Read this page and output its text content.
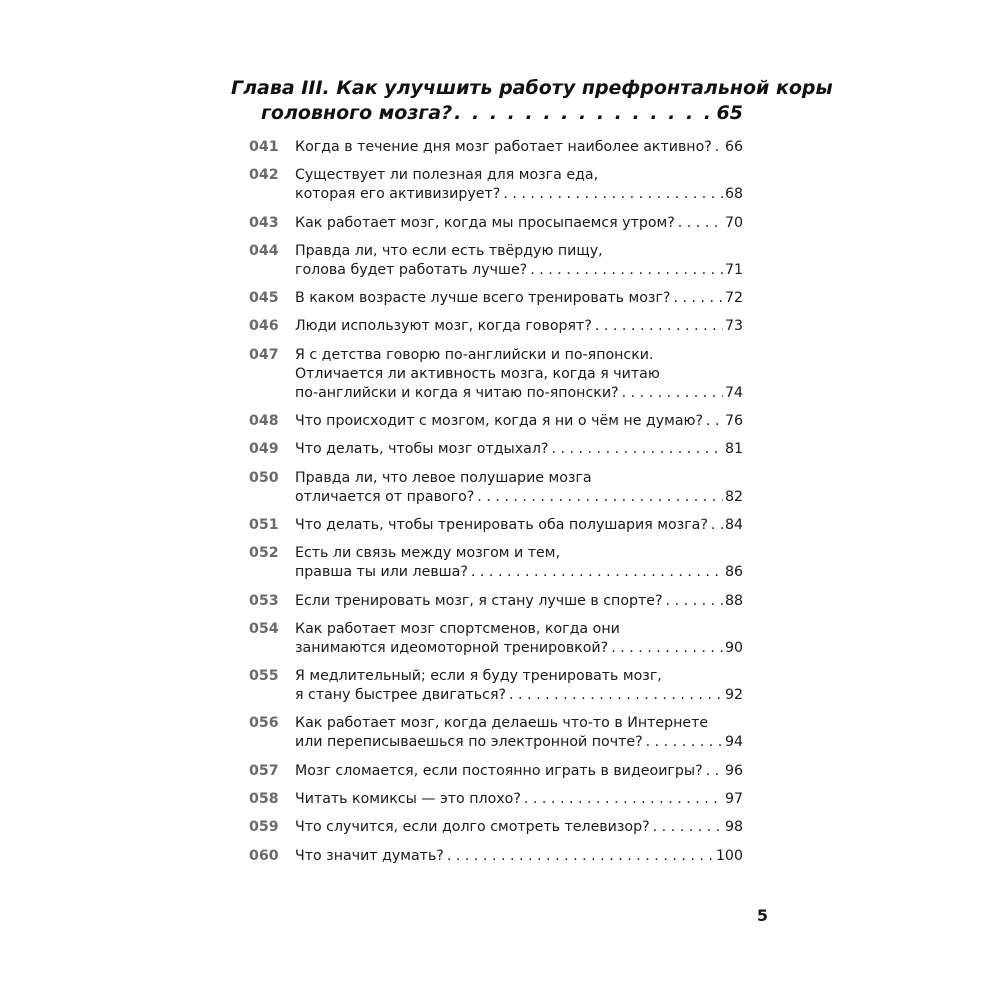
Глава III. Как улучшить работу префронтальной коры
головного мозга? . . .	65
041	Когда в течение дня мозг работает наиболее активно? . . . 66
042	Существует ли полезная для мозга еда,
которая его активизирует? . . .	68
043	Как работает мозг, когда мы просыпаемся утром? . . .	70
044	Правда ли, что если есть твёрдую пищу,
голова будет работать лучше? . . .	71
045	В каком возрасте лучше всего тренировать мозг? . . .	72
046	Люди используют мозг, когда говорят? . . .	73
047	Я с детства говорю по-английски и по-японски.
Отличается ли активность мозга, когда я читаю
по-английски и когда я читаю по-японски? . . .	74
048	Что происходит с мозгом, когда я ни о чём не думаю? . . . 76
049	Что делать, чтобы мозг отдыхал? . . .	81
050	Правда ли, что левое полушарие мозга
отличается от правого? . . .	82
051	Что делать, чтобы тренировать оба полушария мозга? . . . 84
052	Есть ли связь между мозгом и тем,
правша ты или левша? . . .	86
053	Если тренировать мозг, я стану лучше в спорте? . . .	88
054	Как работает мозг спортсменов, когда они
занимаются идеомоторной тренировкой? . . .	90
055	Я медлительный; если я буду тренировать мозг,
я стану быстрее двигаться? . . .	92
056	Как работает мозг, когда делаешь что-то в Интернете
или переписываешься по электронной почте? . . .	94
057	Мозг сломается, если постоянно играть в видеоигры? . . . 96
058	Читать комиксы — это плохо? . . .	97
059	Что случится, если долго смотреть телевизор? . . .	98
060	Что значит думать? . . .	100
5
